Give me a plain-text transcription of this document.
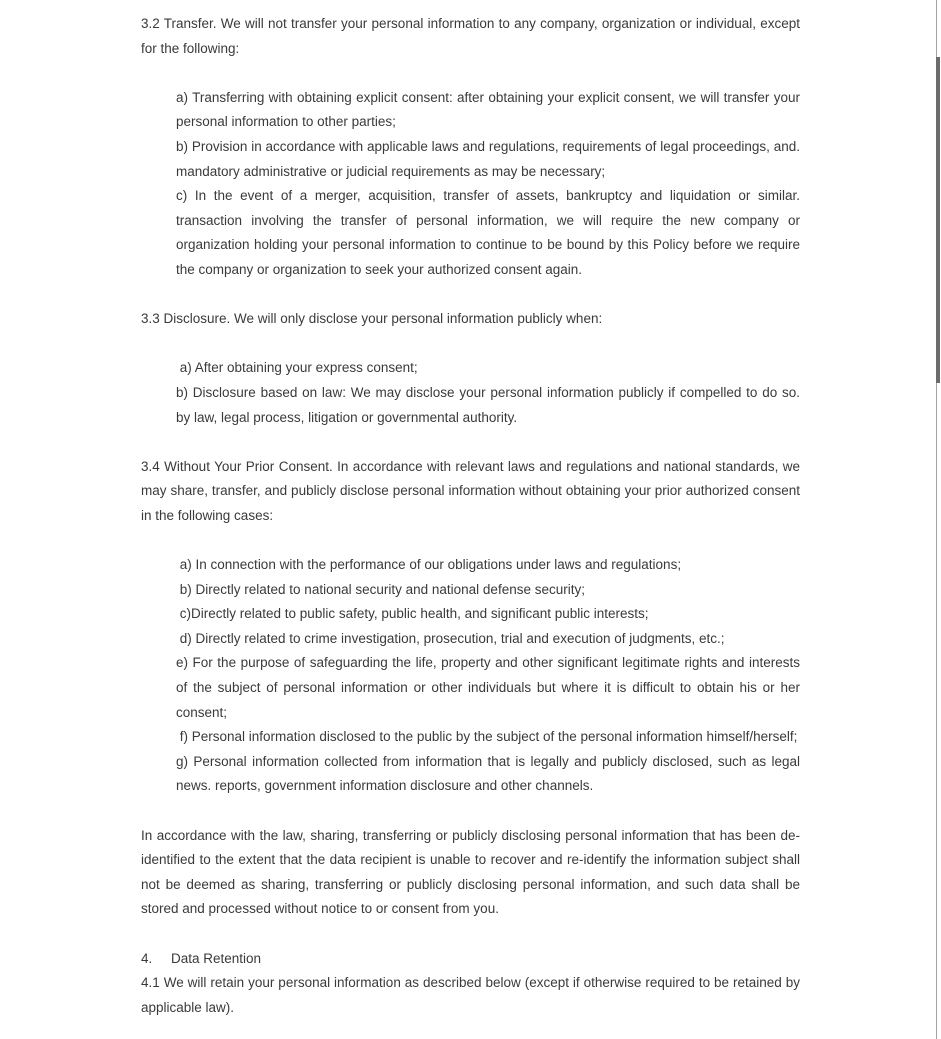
3.2 Transfer. We will not transfer your personal information to any company, organization or individual, except for the following:

a) Transferring with obtaining explicit consent: after obtaining your explicit consent, we will transfer your personal information to other parties;

b) Provision in accordance with applicable laws and regulations, requirements of legal proceedings, and. mandatory administrative or judicial requirements as may be necessary;

c) In the event of a merger, acquisition, transfer of assets, bankruptcy and liquidation or similar. transaction involving the transfer of personal information, we will require the new company or organization holding your personal information to continue to be bound by this Policy before we require the company or organization to seek your authorized consent again.

3.3 Disclosure. We will only disclose your personal information publicly when:

a) After obtaining your express consent;

b) Disclosure based on law: We may disclose your personal information publicly if compelled to do so. by law, legal process, litigation or governmental authority.

3.4 Without Your Prior Consent. In accordance with relevant laws and regulations and national standards, we may share, transfer, and publicly disclose personal information without obtaining your prior authorized consent in the following cases:

a) In connection with the performance of our obligations under laws and regulations;

b) Directly related to national security and national defense security;

c)Directly related to public safety, public health, and significant public interests;

d) Directly related to crime investigation, prosecution, trial and execution of judgments, etc.;

e) For the purpose of safeguarding the life, property and other significant legitimate rights and interests of the subject of personal information or other individuals but where it is difficult to obtain his or her consent;

f) Personal information disclosed to the public by the subject of the personal information himself/herself;

g) Personal information collected from information that is legally and publicly disclosed, such as legal news. reports, government information disclosure and other channels.

In accordance with the law, sharing, transferring or publicly disclosing personal information that has been de-identified to the extent that the data recipient is unable to recover and re-identify the information subject shall not be deemed as sharing, transferring or publicly disclosing personal information, and such data shall be stored and processed without notice to or consent from you.

4.     Data Retention

4.1 We will retain your personal information as described below (except if otherwise required to be retained by applicable law).
